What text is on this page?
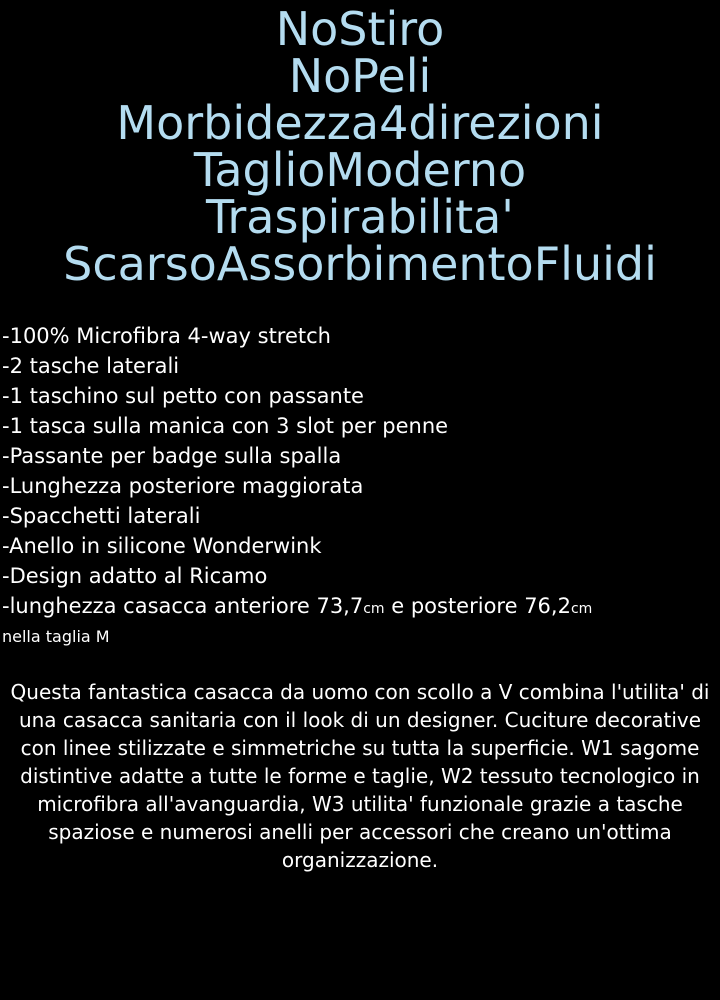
NoStiro
NoPeli
Morbidezza4direzioni
TaglioModerno
Traspirabilita'
ScarsoAssorbimentoFluidi
-100% Microfibra 4-way stretch
-2 tasche laterali
-1 taschino sul petto con passante
-1 tasca sulla manica con 3 slot per penne
-Passante per badge sulla spalla
-Lunghezza posteriore maggiorata
-Spacchetti laterali
-Anello in silicone Wonderwink
-Design adatto al Ricamo
-lunghezza casacca anteriore 73,7cm e posteriore 76,2cm
nella taglia M
Questa fantastica casacca da uomo con scollo a V combina l'utilita' di una casacca sanitaria con il look di un designer. Cuciture decorative con linee stilizzate e simmetriche su tutta la superficie. W1 sagome distintive adatte a tutte le forme e taglie, W2 tessuto tecnologico in microfibra all'avanguardia, W3 utilita' funzionale grazie a tasche spaziose e numerosi anelli per accessori che creano un'ottima organizzazione.
